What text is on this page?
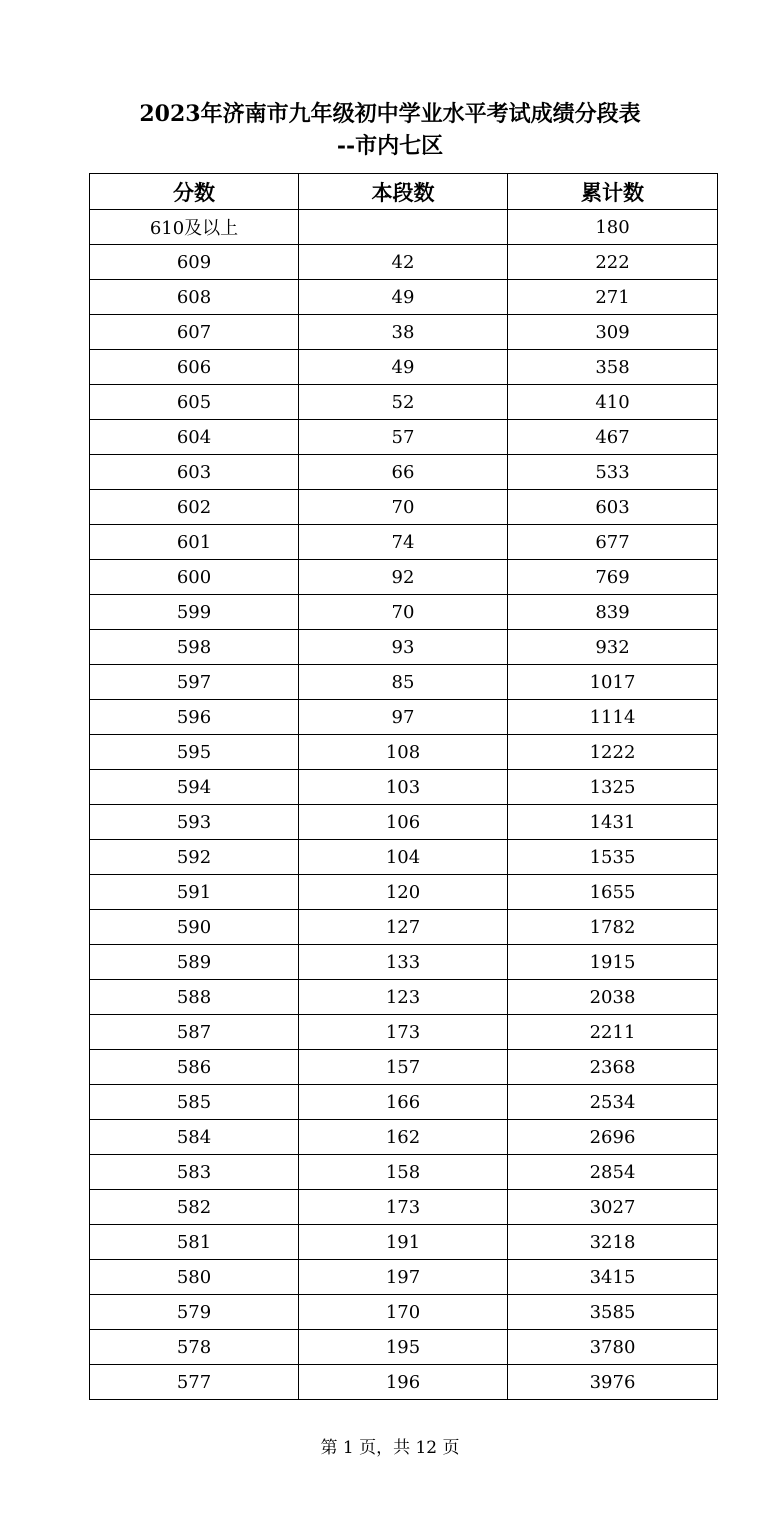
2023年济南市九年级初中学业水平考试成绩分段表
--市内七区
分数	本段数	累计数
610及以上		180
609	42	222
608	49	271
607	38	309
606	49	358
605	52	410
604	57	467
603	66	533
602	70	603
601	74	677
600	92	769
599	70	839
598	93	932
597	85	1017
596	97	1114
595	108	1222
594	103	1325
593	106	1431
592	104	1535
591	120	1655
590	127	1782
589	133	1915
588	123	2038
587	173	2211
586	157	2368
585	166	2534
584	162	2696
583	158	2854
582	173	3027
581	191	3218
580	197	3415
579	170	3585
578	195	3780
577	196	3976
第 1 页，共 12 页
